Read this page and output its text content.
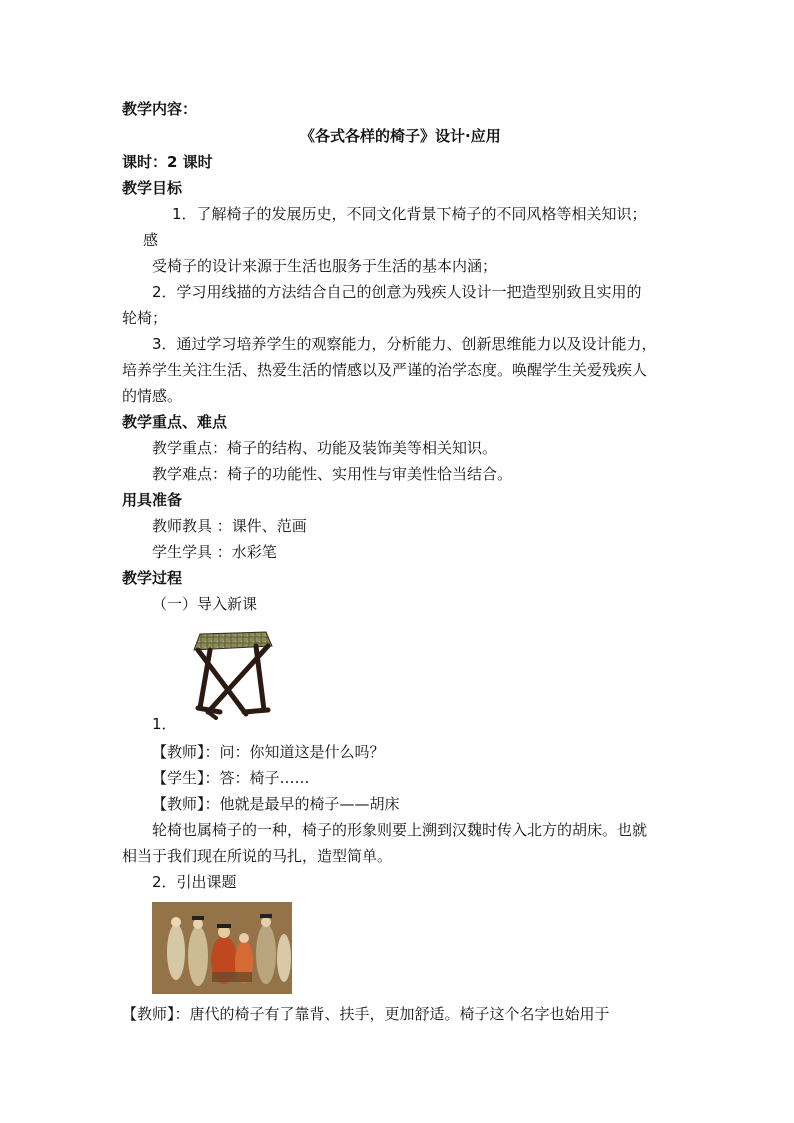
教学内容：
《各式各样的椅子》设计·应用
课时：2 课时
教学目标
1．了解椅子的发展历史，不同文化背景下椅子的不同风格等相关知识；
感
受椅子的设计来源于生活也服务于生活的基本内涵；
2．学习用线描的方法结合自己的创意为残疾人设计一把造型别致且实用的
轮椅；
3．通过学习培养学生的观察能力，分析能力、创新思维能力以及设计能力，
培养学生关注生活、热爱生活的情感以及严谨的治学态度。唤醒学生关爱残疾人
的情感。
教学重点、难点
教学重点：椅子的结构、功能及装饰美等相关知识。
教学难点：椅子的功能性、实用性与审美性恰当结合。
用具准备
教师教具 ：课件、范画
学生学具 ：水彩笔
教学过程
（一）导入新课
1．
【教师】：问：你知道这是什么吗？
【学生】：答：椅子……
【教师】：他就是最早的椅子——胡床
轮椅也属椅子的一种，椅子的形象则要上溯到汉魏时传入北方的胡床。也就
相当于我们现在所说的马扎，造型简单。
2．引出课题
【教师】：唐代的椅子有了靠背、扶手，更加舒适。椅子这个名字也始用于
